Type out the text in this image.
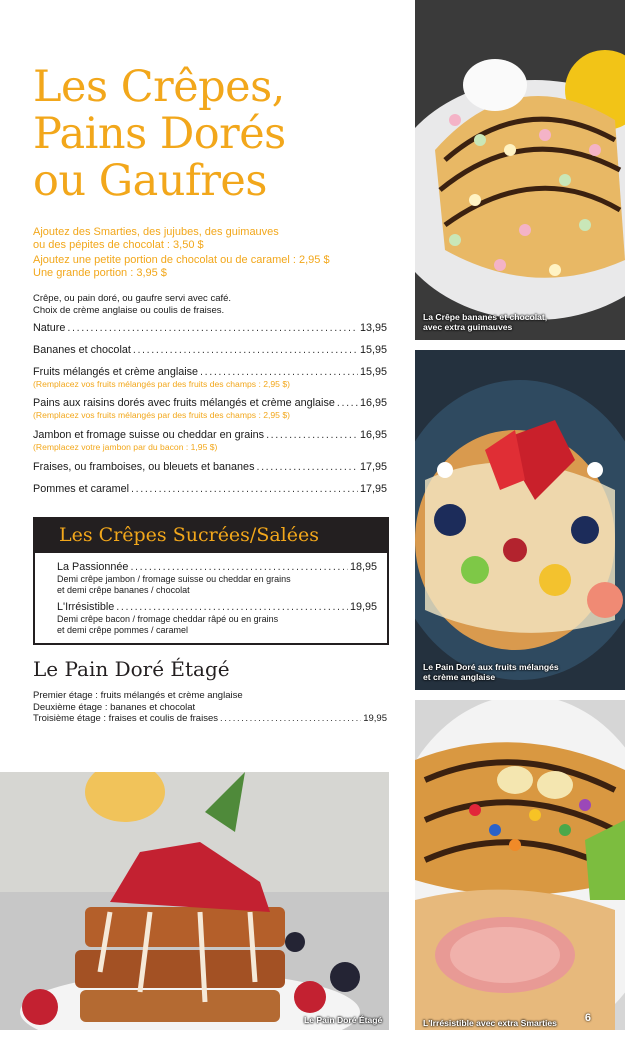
Les Crêpes,
Pains Dorés
ou Gaufres
Ajoutez des Smarties, des jujubes, des guimauves
ou des pépites de chocolat : 3,50 $
Ajoutez une petite portion de chocolat ou de caramel : 2,95 $
Une grande portion : 3,95 $
Crêpe, ou pain doré, ou gaufre servi avec café.
Choix de crème anglaise ou coulis de fraises.
Nature .....	13,95
Bananes et chocolat .....	15,95
Fruits mélangés et crème anglaise .....	15,95
(Remplacez vos fruits mélangés par des fruits des champs : 2,95 $)
Pains aux raisins dorés avec fruits mélangés et crème anglaise ..... 16,95
(Remplacez vos fruits mélangés par des fruits des champs : 2,95 $)
Jambon et fromage suisse ou cheddar en grains .....	16,95
(Remplacez votre jambon par du bacon : 1,95 $)
Fraises, ou framboises, ou bleuets et bananes .....	17,95
Pommes et caramel .....	17,95
Les Crêpes Sucrées/Salées
La Passionnée .....	18,95
Demi crêpe jambon / fromage suisse ou cheddar en grains
et demi crêpe bananes / chocolat
L'Irrésistible .....	19,95
Demi crêpe bacon / fromage cheddar râpé ou en grains
et demi crêpe pommes / caramel
Le Pain Doré Étagé
Premier étage : fruits mélangés et crème anglaise
Deuxième étage : bananes et chocolat
Troisième étage : fraises et coulis de fraises .....	19,95
La Crêpe bananes et chocolat,
avec extra guimauves
Le Pain Doré aux fruits mélangés
et crème anglaise
L'Irrésistible avec extra Smarties	6
Le Pain Doré Étagé
